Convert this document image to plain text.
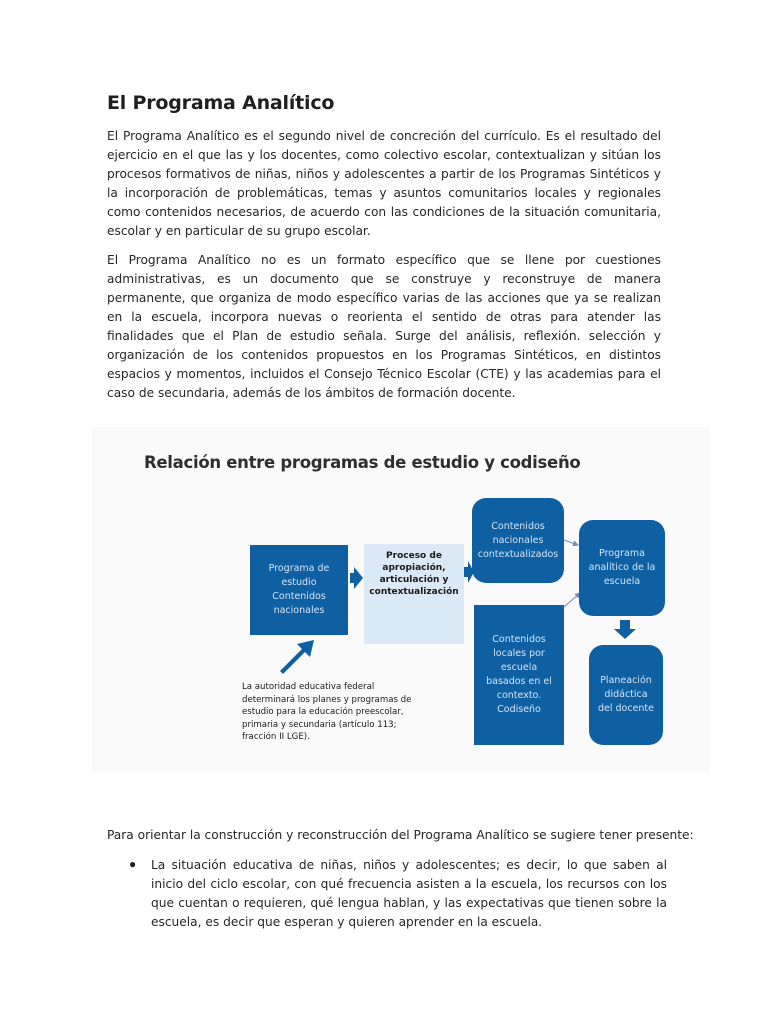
El Programa Analítico

El Programa Analítico es el segundo nivel de concreción del currículo. Es el resultado del ejercicio en el que las y los docentes, como colectivo escolar, contextualizan y sitúan los procesos formativos de niñas, niños y adolescentes a partir de los Programas Sintéticos y la incorporación de problemáticas, temas y asuntos comunitarios locales y regionales como contenidos necesarios, de acuerdo con las condiciones de la situación comunitaria, escolar y en particular de su grupo escolar.

El Programa Analítico no es un formato específico que se llene por cuestiones administrativas, es un documento que se construye y reconstruye de manera permanente, que organiza de modo específico varias de las acciones que ya se realizan en la escuela, incorpora nuevas o reorienta el sentido de otras para atender las finalidades que el Plan de estudio señala. Surge del análisis, reflexión. selección y organización de los contenidos propuestos en los Programas Sintéticos, en distintos espacios y momentos, incluidos el Consejo Técnico Escolar (CTE) y las academias para el caso de secundaria, además de los ámbitos de formación docente.

Relación entre programas de estudio y codiseño
Programa de estudio Contenidos nacionales
Proceso de apropiación, articulación y contextualización
Contenidos nacionales contextualizados	Programa analítico de la escuela
Contenidos locales por escuela basados en el contexto. Codiseño
Planeación didáctica del docente
La autoridad educativa federal determinará los planes y programas de estudio para la educación preescolar, primaria y secundaria (artículo 113; fracción II LGE).

Para orientar la construcción y reconstrucción del Programa Analítico se sugiere tener presente:

● La situación educativa de niñas, niños y adolescentes; es decir, lo que saben al inicio del ciclo escolar, con qué frecuencia asisten a la escuela, los recursos con los que cuentan o requieren, qué lengua hablan, y las expectativas que tienen sobre la escuela, es decir que esperan y quieren aprender en la escuela.
